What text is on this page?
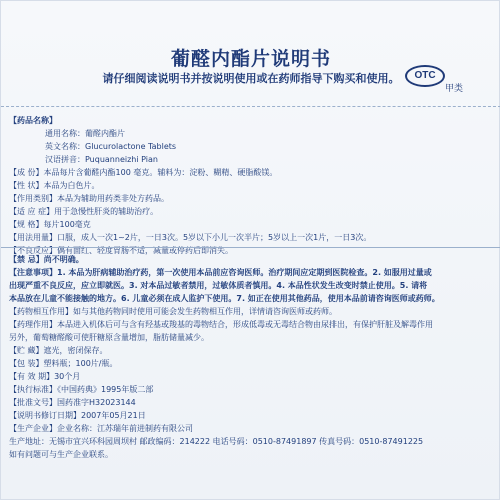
葡醛内酯片说明书
请仔细阅读说明书并按说明使用或在药师指导下购买和使用。	OTC
甲类
【药品名称】
通用名称：葡醛内酯片
英文名称：Glucurolactone Tablets
汉语拼音：Puquanneizhi Pian
【成 份】本品每片含葡醛内酯100 毫克。辅料为：淀粉、糊精、硬脂酸镁。
【性 状】本品为白色片。
【作用类别】本品为辅助用药类非处方药品。
【适 应 症】用于急慢性肝炎的辅助治疗。
【规 格】每片100毫克
【用法用量】口服，成人一次1~2片，一日3次。5岁以下小儿一次半片；5岁以上一次1片，一日3次。
【不良反应】偶有面红、轻度胃肠不适，减量或停药后即消失。
【禁 忌】尚不明确。
【注意事项】1. 本品为肝病辅助治疗药，第一次使用本品前应咨询医师。治疗期间应定期到医院检查。2. 如服用过量或
出现严重不良反应，应立即就医。3. 对本品过敏者禁用，过敏体质者慎用。4. 本品性状发生改变时禁止使用。5. 请将
本品放在儿童不能接触的地方。6. 儿童必须在成人监护下使用。7. 如正在使用其他药品，使用本品前请咨询医师或药师。
【药物相互作用】如与其他药物同时使用可能会发生药物相互作用，详情请咨询医师或药师。
【药理作用】本品进入机体后可与含有羟基或羧基的毒物结合，形成低毒或无毒结合物由尿排出，有保护肝脏及解毒作用
另外，葡萄糖醛酸可使肝糖原含量增加，脂肪储量减少。
【贮 藏】遮光，密闭保存。
【包 装】塑料瓶；100片/瓶。
【有 效 期】30个月
【执行标准】《中国药典》1995年版二部
【批准文号】国药准字H32023144
【说明书修订日期】2007年05月21日
【生产企业】企业名称：江苏瑞年前进制药有限公司
生产地址：无锡市宜兴环科园周坝村 邮政编码：214222 电话号码：0510-87491897 传真号码：0510-87491225
如有问题可与生产企业联系。
